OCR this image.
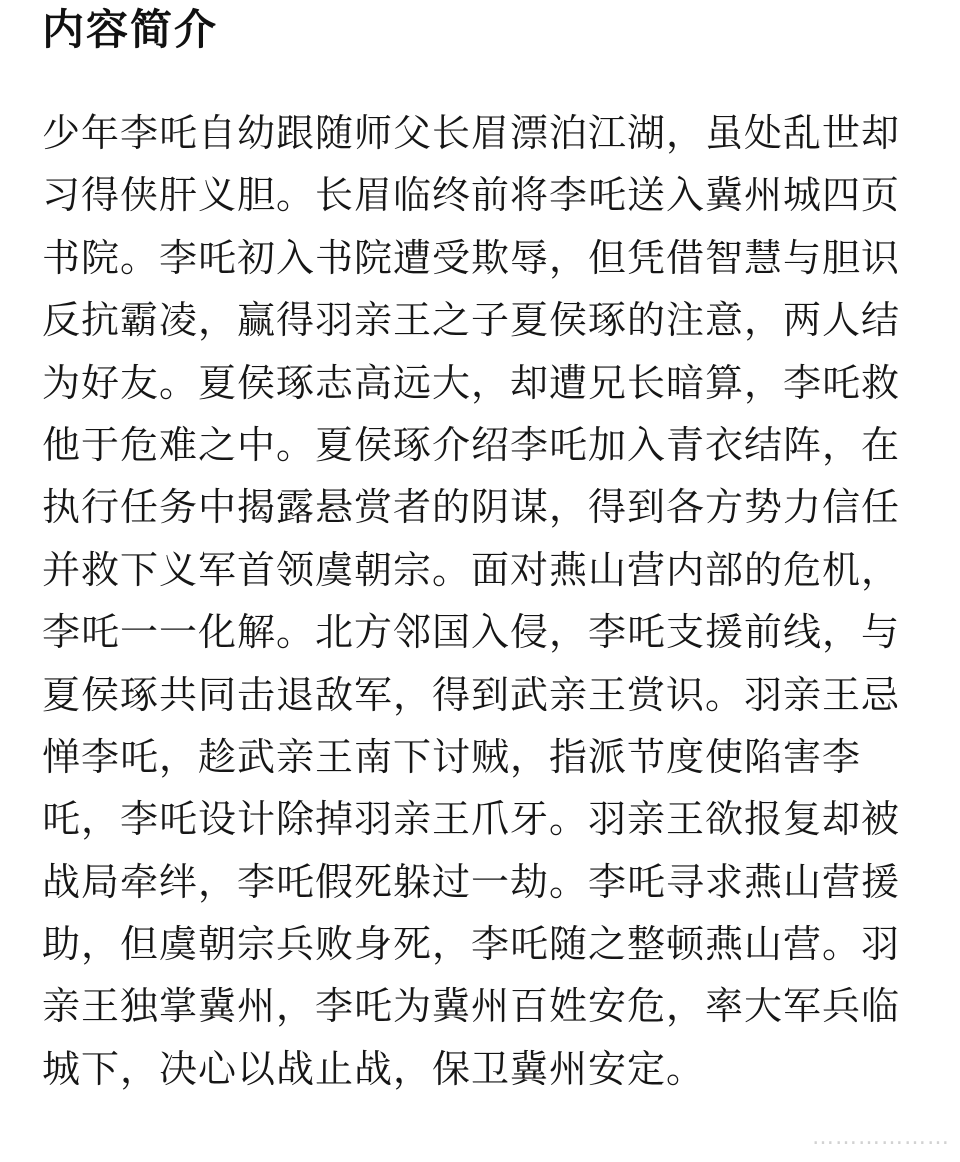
内容简介
少年李吒自幼跟随师父长眉漂泊江湖，虽处乱世却
习得侠肝义胆。长眉临终前将李吒送入冀州城四页
书院。李吒初入书院遭受欺辱，但凭借智慧与胆识
反抗霸凌，赢得羽亲王之子夏侯琢的注意，两人结
为好友。夏侯琢志高远大，却遭兄长暗算，李吒救
他于危难之中。夏侯琢介绍李吒加入青衣结阵，在
执行任务中揭露悬赏者的阴谋，得到各方势力信任
并救下义军首领虞朝宗。面对燕山营内部的危机，
李吒一一化解。北方邻国入侵，李吒支援前线，与
夏侯琢共同击退敌军，得到武亲王赏识。羽亲王忌
惮李吒，趁武亲王南下讨贼，指派节度使陷害李
吒，李吒设计除掉羽亲王爪牙。羽亲王欲报复却被
战局牵绊，李吒假死躲过一劫。李吒寻求燕山营援
助，但虞朝宗兵败身死，李吒随之整顿燕山营。羽
亲王独掌冀州，李吒为冀州百姓安危，率大军兵临
城下，决心以战止战，保卫冀州安定。
………………
